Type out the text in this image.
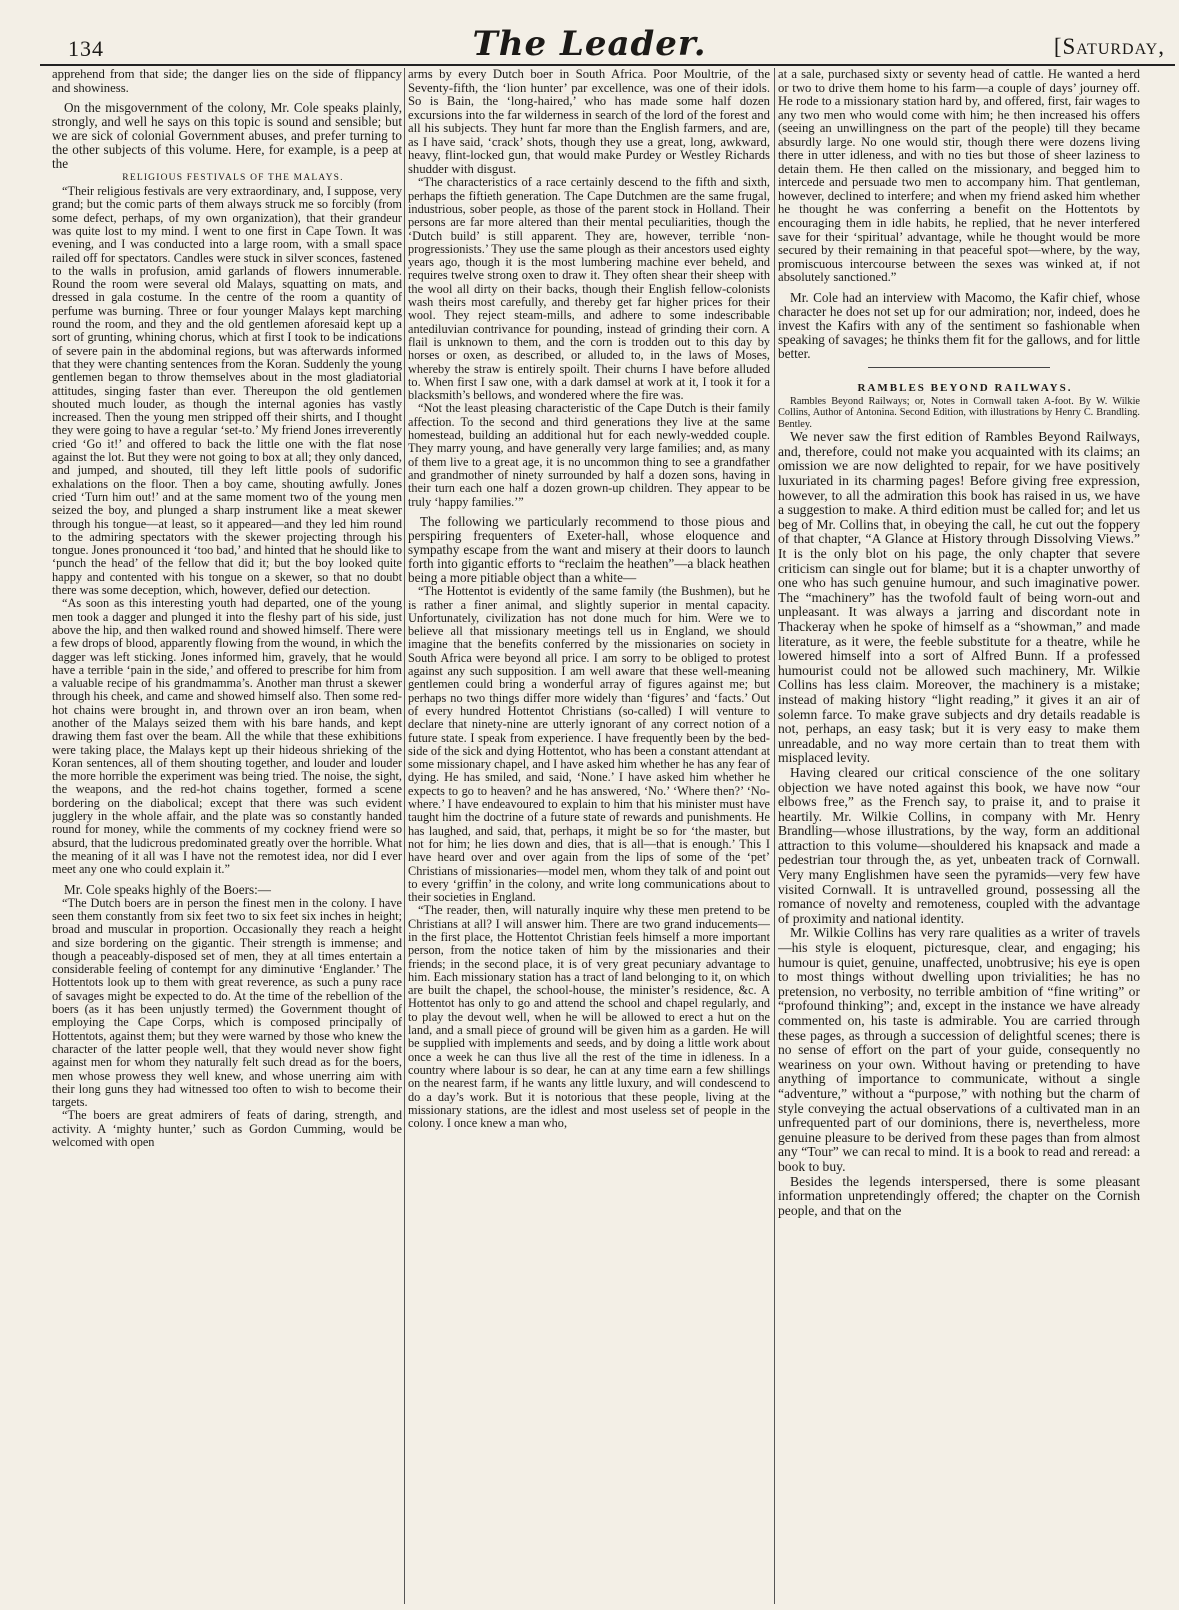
134	The Leader.	[Saturday,

apprehend from that side; the danger lies on the side of flippancy and showiness.

On the misgovernment of the colony, Mr. Cole speaks plainly, strongly, and well he says on this topic is sound and sensible; but we are sick of colonial Government abuses, and prefer turning to the other subjects of this volume. Here, for example, is a peep at the

RELIGIOUS FESTIVALS OF THE MALAYS.

“Their religious festivals are very extraordinary, and, I suppose, very grand; but the comic parts of them always struck me so forcibly (from some defect, perhaps, of my own organization), that their grandeur was quite lost to my mind. I went to one first in Cape Town. It was evening, and I was conducted into a large room, with a small space railed off for spectators. Candles were stuck in silver sconces, fastened to the walls in profusion, amid garlands of flowers innumerable. Round the room were several old Malays, squatting on mats, and dressed in gala costume. In the centre of the room a quantity of perfume was burning. Three or four younger Malays kept marching round the room, and they and the old gentlemen aforesaid kept up a sort of grunting, whining chorus, which at first I took to be indications of severe pain in the abdominal regions, but was afterwards informed that they were chanting sentences from the Koran. Suddenly the young gentlemen began to throw themselves about in the most gladiatorial attitudes, singing faster than ever. Thereupon the old gentlemen shouted much louder, as though the internal agonies has vastly increased. Then the young men stripped off their shirts, and I thought they were going to have a regular ‘set-to.’ My friend Jones irreverently cried ‘Go it!’ and offered to back the little one with the flat nose against the lot. But they were not going to box at all; they only danced, and jumped, and shouted, till they left little pools of sudorific exhalations on the floor. Then a boy came, shouting awfully. Jones cried ‘Turn him out!’ and at the same moment two of the young men seized the boy, and plunged a sharp instrument like a meat skewer through his tongue—at least, so it appeared—and they led him round to the admiring spectators with the skewer projecting through his tongue. Jones pronounced it ‘too bad,’ and hinted that he should like to ‘punch the head’ of the fellow that did it; but the boy looked quite happy and contented with his tongue on a skewer, so that no doubt there was some deception, which, however, defied our detection.

“As soon as this interesting youth had departed, one of the young men took a dagger and plunged it into the fleshy part of his side, just above the hip, and then walked round and showed himself. There were a few drops of blood, apparently flowing from the wound, in which the dagger was left sticking. Jones informed him, gravely, that he would have a terrible ‘pain in the side,’ and offered to prescribe for him from a valuable recipe of his grandmamma’s. Another man thrust a skewer through his cheek, and came and showed himself also. Then some red-hot chains were brought in, and thrown over an iron beam, when another of the Malays seized them with his bare hands, and kept drawing them fast over the beam. All the while that these exhibitions were taking place, the Malays kept up their hideous shrieking of the Koran sentences, all of them shouting together, and louder and louder the more horrible the experiment was being tried. The noise, the sight, the weapons, and the red-hot chains together, formed a scene bordering on the diabolical; except that there was such evident jugglery in the whole affair, and the plate was so constantly handed round for money, while the comments of my cockney friend were so absurd, that the ludicrous predominated greatly over the horrible. What the meaning of it all was I have not the remotest idea, nor did I ever meet any one who could explain it.”

Mr. Cole speaks highly of the Boers:—

“The Dutch boers are in person the finest men in the colony. I have seen them constantly from six feet two to six feet six inches in height; broad and muscular in proportion. Occasionally they reach a height and size bordering on the gigantic. Their strength is immense; and though a peaceably-disposed set of men, they at all times entertain a considerable feeling of contempt for any diminutive ‘Englander.’ The Hottentots look up to them with great reverence, as such a puny race of savages might be expected to do. At the time of the rebellion of the boers (as it has been unjustly termed) the Government thought of employing the Cape Corps, which is composed principally of Hottentots, against them; but they were warned by those who knew the character of the latter people well, that they would never show fight against men for whom they naturally felt such dread as for the boers, men whose prowess they well knew, and whose unerring aim with their long guns they had witnessed too often to wish to become their targets.

“The boers are great admirers of feats of daring, strength, and activity. A ‘mighty hunter,’ such as Gordon Cumming, would be welcomed with open

arms by every Dutch boer in South Africa. Poor Moultrie, of the Seventy-fifth, the ‘lion hunter’ par excellence, was one of their idols. So is Bain, the ‘long-haired,’ who has made some half dozen excursions into the far wilderness in search of the lord of the forest and all his subjects. They hunt far more than the English farmers, and are, as I have said, ‘crack’ shots, though they use a great, long, awkward, heavy, flint-locked gun, that would make Purdey or Westley Richards shudder with disgust.

“The characteristics of a race certainly descend to the fifth and sixth, perhaps the fiftieth generation. The Cape Dutchmen are the same frugal, industrious, sober people, as those of the parent stock in Holland. Their persons are far more altered than their mental peculiarities, though the ‘Dutch build’ is still apparent. They are, however, terrible ‘non-progressionists.’ They use the same plough as their ancestors used eighty years ago, though it is the most lumbering machine ever beheld, and requires twelve strong oxen to draw it. They often shear their sheep with the wool all dirty on their backs, though their English fellow-colonists wash theirs most carefully, and thereby get far higher prices for their wool. They reject steam-mills, and adhere to some indescribable antediluvian contrivance for pounding, instead of grinding their corn. A flail is unknown to them, and the corn is trodden out to this day by horses or oxen, as described, or alluded to, in the laws of Moses, whereby the straw is entirely spoilt. Their churns I have before alluded to. When first I saw one, with a dark damsel at work at it, I took it for a blacksmith’s bellows, and wondered where the fire was.

“Not the least pleasing characteristic of the Cape Dutch is their family affection. To the second and third generations they live at the same homestead, building an additional hut for each newly-wedded couple. They marry young, and have generally very large families; and, as many of them live to a great age, it is no uncommon thing to see a grandfather and grandmother of ninety surrounded by half a dozen sons, having in their turn each one half a dozen grown-up children. They appear to be truly ‘happy families.’”

The following we particularly recommend to those pious and perspiring frequenters of Exeter-hall, whose eloquence and sympathy escape from the want and misery at their doors to launch forth into gigantic efforts to “reclaim the heathen”—a black heathen being a more pitiable object than a white—

“The Hottentot is evidently of the same family (the Bushmen), but he is rather a finer animal, and slightly superior in mental capacity. Unfortunately, civilization has not done much for him. Were we to believe all that missionary meetings tell us in England, we should imagine that the benefits conferred by the missionaries on society in South Africa were beyond all price. I am sorry to be obliged to protest against any such supposition. I am well aware that these well-meaning gentlemen could bring a wonderful array of figures against me; but perhaps no two things differ more widely than ‘figures’ and ‘facts.’ Out of every hundred Hottentot Christians (so-called) I will venture to declare that ninety-nine are utterly ignorant of any correct notion of a future state. I speak from experience. I have frequently been by the bed-side of the sick and dying Hottentot, who has been a constant attendant at some missionary chapel, and I have asked him whether he has any fear of dying. He has smiled, and said, ‘None.’ I have asked him whether he expects to go to heaven? and he has answered, ‘No.’ ‘Where then?’ ‘No-where.’ I have endeavoured to explain to him that his minister must have taught him the doctrine of a future state of rewards and punishments. He has laughed, and said, that, perhaps, it might be so for ‘the master, but not for him; he lies down and dies, that is all—that is enough.’ This I have heard over and over again from the lips of some of the ‘pet’ Christians of missionaries—model men, whom they talk of and point out to every ‘griffin’ in the colony, and write long communications about to their societies in England.

“The reader, then, will naturally inquire why these men pretend to be Christians at all? I will answer him. There are two grand inducements—in the first place, the Hottentot Christian feels himself a more important person, from the notice taken of him by the missionaries and their friends; in the second place, it is of very great pecuniary advantage to him. Each missionary station has a tract of land belonging to it, on which are built the chapel, the school-house, the minister’s residence, &c. A Hottentot has only to go and attend the school and chapel regularly, and to play the devout well, when he will be allowed to erect a hut on the land, and a small piece of ground will be given him as a garden. He will be supplied with implements and seeds, and by doing a little work about once a week he can thus live all the rest of the time in idleness. In a country where labour is so dear, he can at any time earn a few shillings on the nearest farm, if he wants any little luxury, and will condescend to do a day’s work. But it is notorious that these people, living at the missionary stations, are the idlest and most useless set of people in the colony. I once knew a man who,

at a sale, purchased sixty or seventy head of cattle. He wanted a herd or two to drive them home to his farm—a couple of days’ journey off. He rode to a missionary station hard by, and offered, first, fair wages to any two men who would come with him; he then increased his offers (seeing an unwillingness on the part of the people) till they became absurdly large. No one would stir, though there were dozens living there in utter idleness, and with no ties but those of sheer laziness to detain them. He then called on the missionary, and begged him to intercede and persuade two men to accompany him. That gentleman, however, declined to interfere; and when my friend asked him whether he thought he was conferring a benefit on the Hottentots by encouraging them in idle habits, he replied, that he never interfered save for their ‘spiritual’ advantage, while he thought would be more secured by their remaining in that peaceful spot—where, by the way, promiscuous intercourse between the sexes was winked at, if not absolutely sanctioned.”

Mr. Cole had an interview with Macomo, the Kafir chief, whose character he does not set up for our admiration; nor, indeed, does he invest the Kafirs with any of the sentiment so fashionable when speaking of savages; he thinks them fit for the gallows, and for little better.

RAMBLES BEYOND RAILWAYS.

Rambles Beyond Railways; or, Notes in Cornwall taken A-foot. By W. Wilkie Collins, Author of Antonina. Second Edition, with illustrations by Henry C. Brandling. Bentley.

We never saw the first edition of Rambles Beyond Railways, and, therefore, could not make you acquainted with its claims; an omission we are now delighted to repair, for we have positively luxuriated in its charming pages! Before giving free expression, however, to all the admiration this book has raised in us, we have a suggestion to make. A third edition must be called for; and let us beg of Mr. Collins that, in obeying the call, he cut out the foppery of that chapter, “A Glance at History through Dissolving Views.” It is the only blot on his page, the only chapter that severe criticism can single out for blame; but it is a chapter unworthy of one who has such genuine humour, and such imaginative power. The “machinery” has the twofold fault of being worn-out and unpleasant. It was always a jarring and discordant note in Thackeray when he spoke of himself as a “showman,” and made literature, as it were, the feeble substitute for a theatre, while he lowered himself into a sort of Alfred Bunn. If a professed humourist could not be allowed such machinery, Mr. Wilkie Collins has less claim. Moreover, the machinery is a mistake; instead of making history “light reading,” it gives it an air of solemn farce. To make grave subjects and dry details readable is not, perhaps, an easy task; but it is very easy to make them unreadable, and no way more certain than to treat them with misplaced levity.

Having cleared our critical conscience of the one solitary objection we have noted against this book, we have now “our elbows free,” as the French say, to praise it, and to praise it heartily. Mr. Wilkie Collins, in company with Mr. Henry Brandling—whose illustrations, by the way, form an additional attraction to this volume—shouldered his knapsack and made a pedestrian tour through the, as yet, unbeaten track of Cornwall. Very many Englishmen have seen the pyramids—very few have visited Cornwall. It is untravelled ground, possessing all the romance of novelty and remoteness, coupled with the advantage of proximity and national identity.

Mr. Wilkie Collins has very rare qualities as a writer of travels—his style is eloquent, picturesque, clear, and engaging; his humour is quiet, genuine, unaffected, unobtrusive; his eye is open to most things without dwelling upon trivialities; he has no pretension, no verbosity, no terrible ambition of “fine writing” or “profound thinking”; and, except in the instance we have already commented on, his taste is admirable. You are carried through these pages, as through a succession of delightful scenes; there is no sense of effort on the part of your guide, consequently no weariness on your own. Without having or pretending to have anything of importance to communicate, without a single “adventure,” without a “purpose,” with nothing but the charm of style conveying the actual observations of a cultivated man in an unfrequented part of our dominions, there is, nevertheless, more genuine pleasure to be derived from these pages than from almost any “Tour” we can recal to mind. It is a book to read and reread: a book to buy.

Besides the legends interspersed, there is some pleasant information unpretendingly offered; the chapter on the Cornish people, and that on the
